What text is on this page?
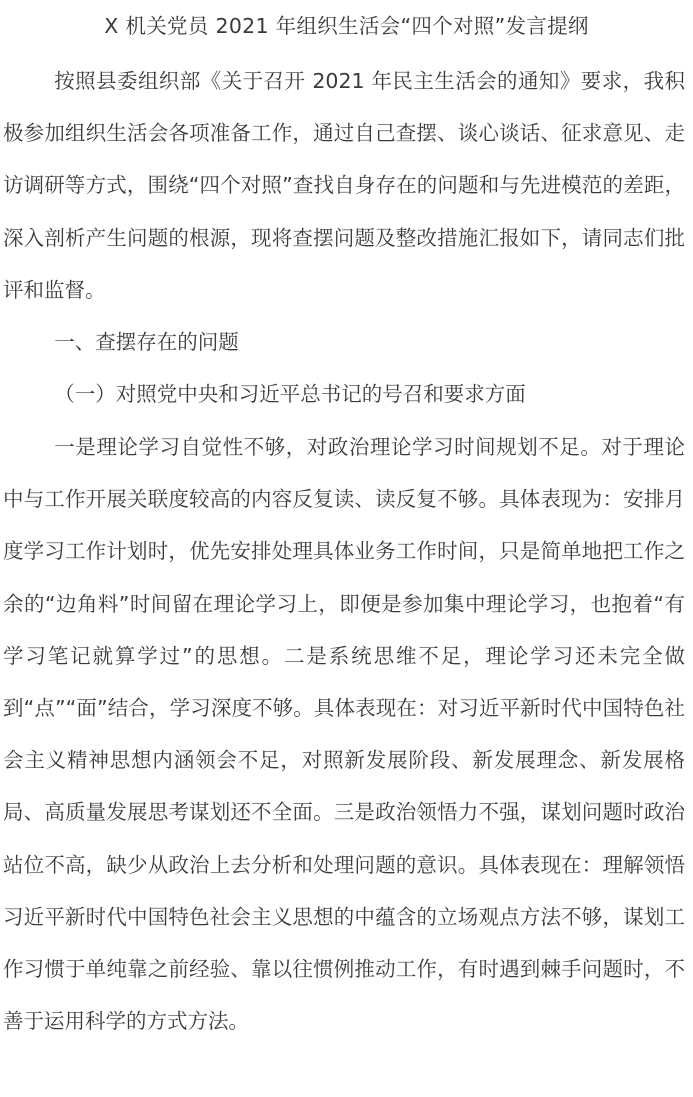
X 机关党员 2021 年组织生活会“四个对照”发言提纲

按照县委组织部《关于召开 2021 年民主生活会的通知》要求，我积极参加组织生活会各项准备工作，通过自己查摆、谈心谈话、征求意见、走访调研等方式，围绕“四个对照”查找自身存在的问题和与先进模范的差距，深入剖析产生问题的根源，现将查摆问题及整改措施汇报如下，请同志们批评和监督。

一、查摆存在的问题

（一）对照党中央和习近平总书记的号召和要求方面

一是理论学习自觉性不够，对政治理论学习时间规划不足。对于理论中与工作开展关联度较高的内容反复读、读反复不够。具体表现为：安排月度学习工作计划时，优先安排处理具体业务工作时间，只是简单地把工作之余的“边角料”时间留在理论学习上，即便是参加集中理论学习，也抱着“有学习笔记就算学过”的思想。二是系统思维不足，理论学习还未完全做到“点”“面”结合，学习深度不够。具体表现在：对习近平新时代中国特色社会主义精神思想内涵领会不足，对照新发展阶段、新发展理念、新发展格局、高质量发展思考谋划还不全面。三是政治领悟力不强，谋划问题时政治站位不高，缺少从政治上去分析和处理问题的意识。具体表现在：理解领悟习近平新时代中国特色社会主义思想的中蕴含的立场观点方法不够，谋划工作习惯于单纯靠之前经验、靠以往惯例推动工作，有时遇到棘手问题时，不善于运用科学的方式方法。
